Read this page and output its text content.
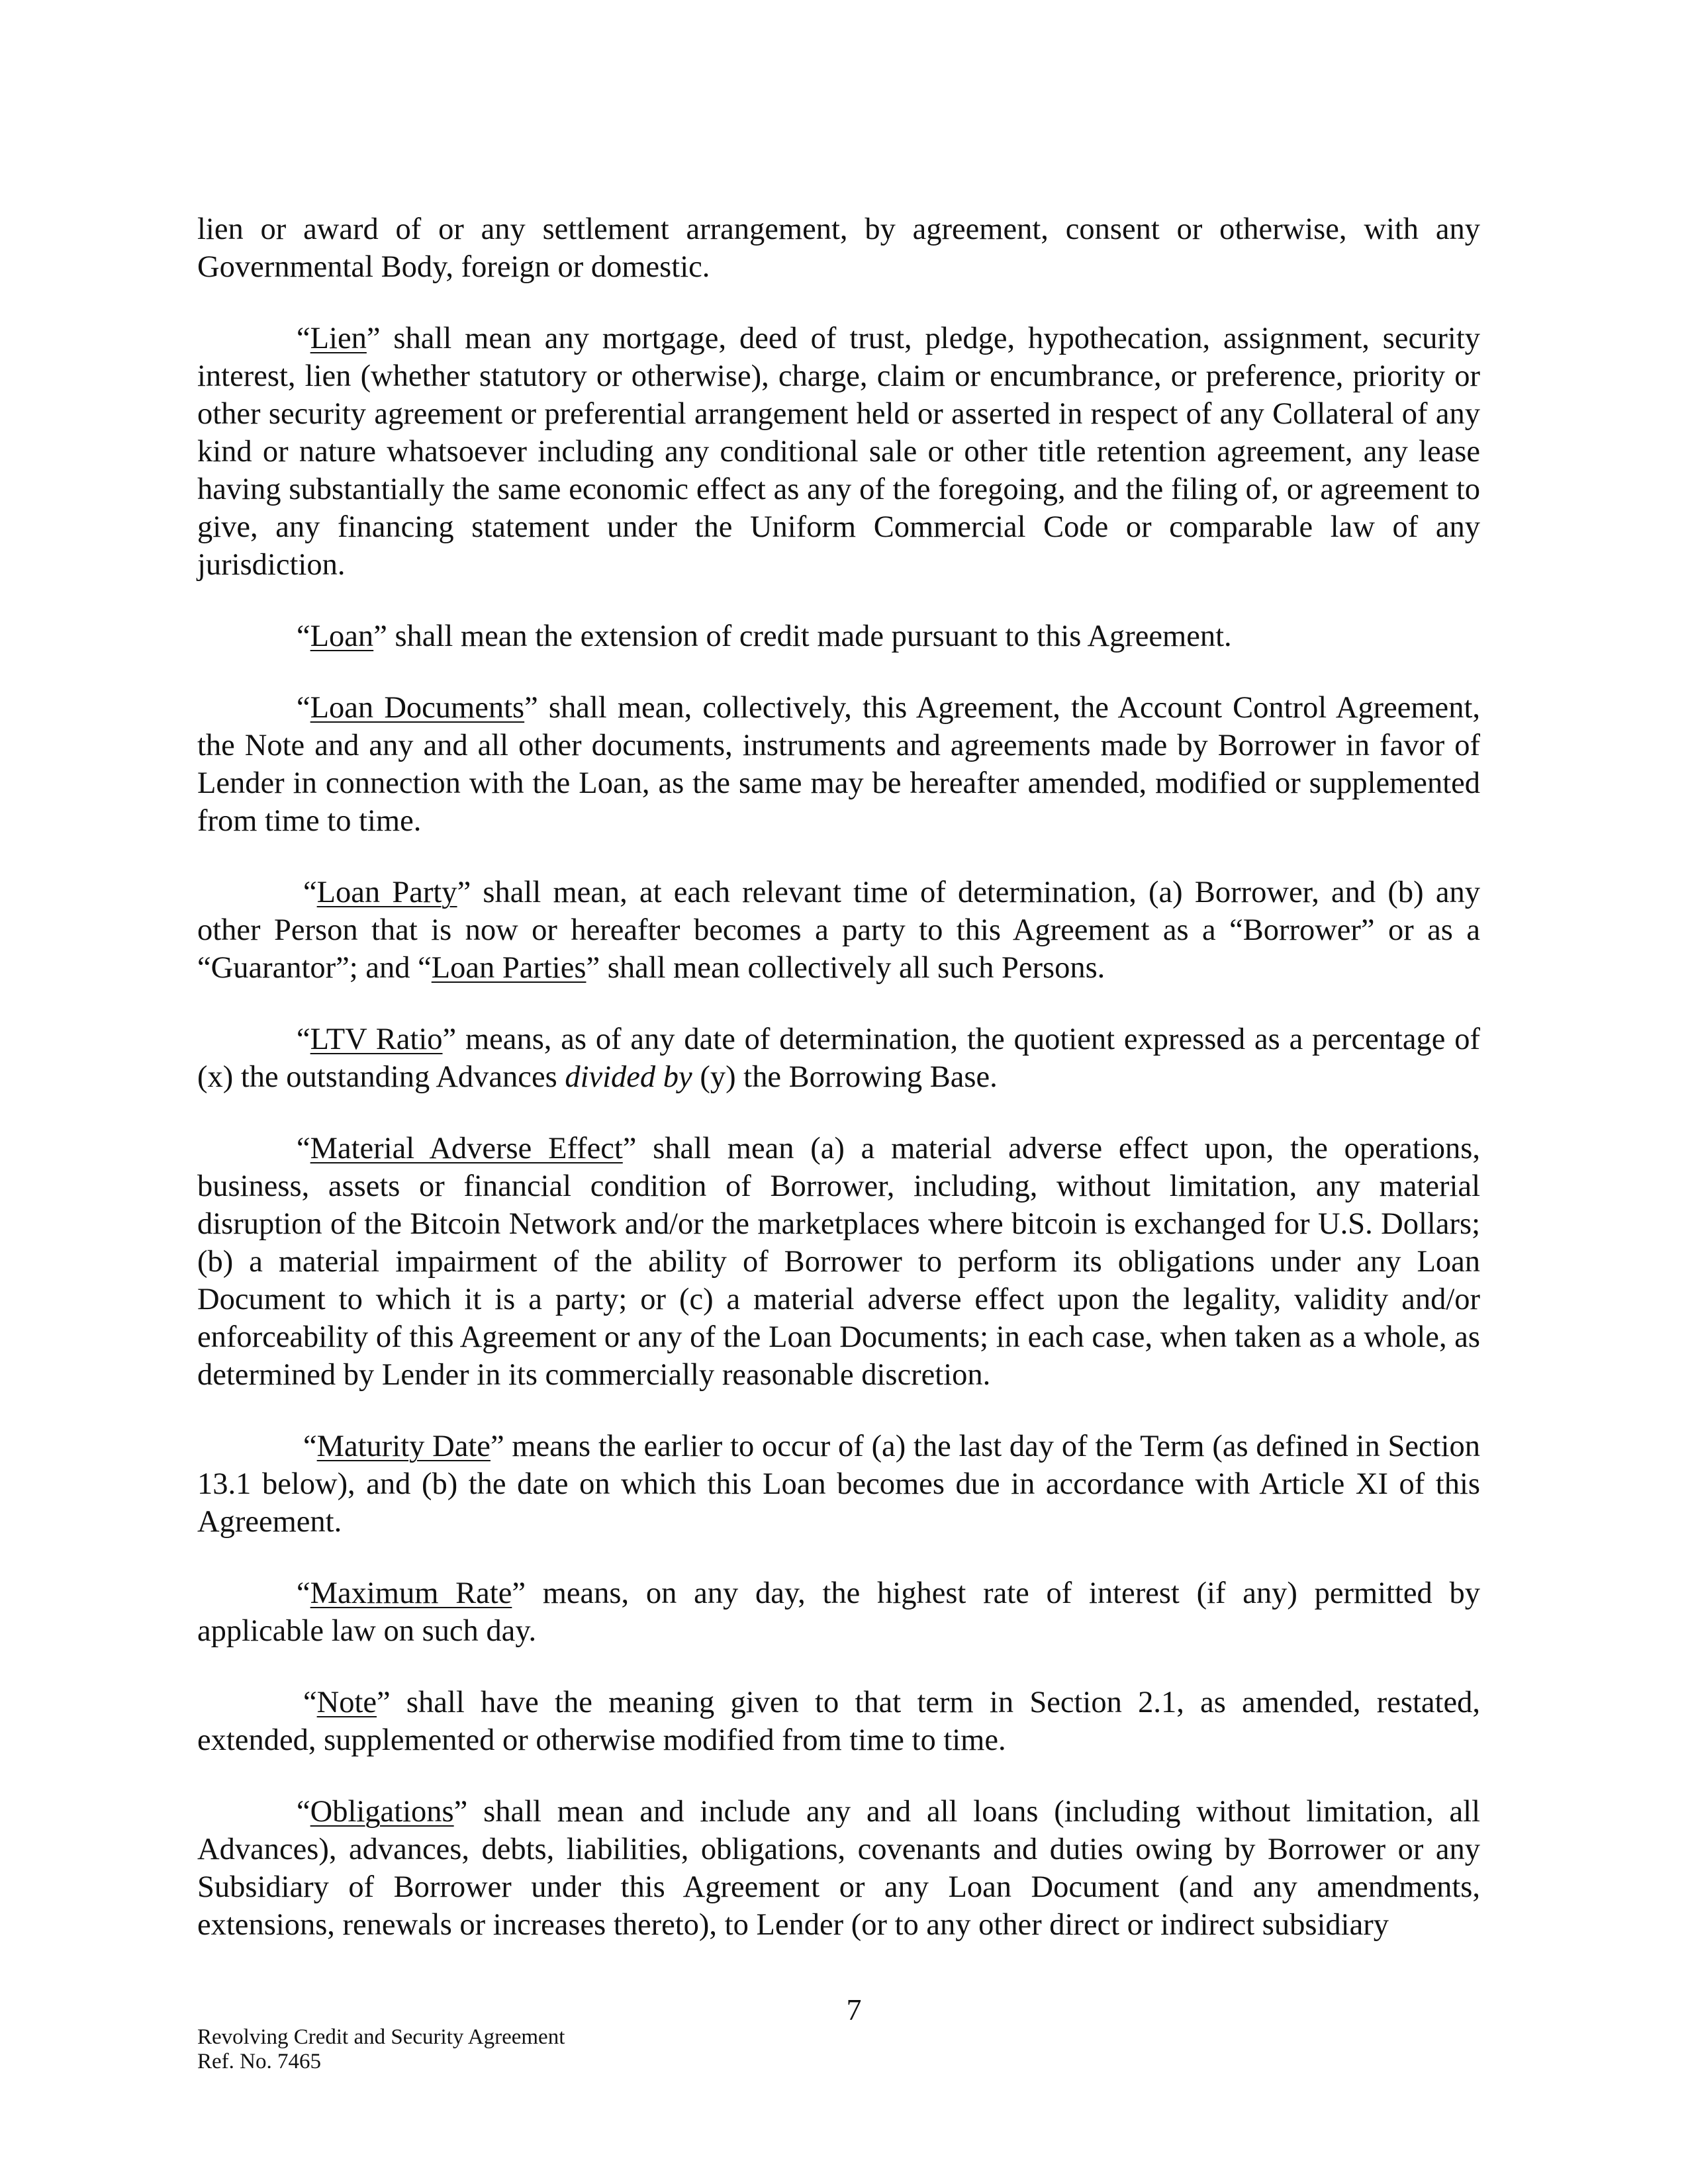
lien or award of or any settlement arrangement, by agreement, consent or otherwise, with any Governmental Body, foreign or domestic.

“Lien” shall mean any mortgage, deed of trust, pledge, hypothecation, assignment, security interest, lien (whether statutory or otherwise), charge, claim or encumbrance, or preference, priority or other security agreement or preferential arrangement held or asserted in respect of any Collateral of any kind or nature whatsoever including any conditional sale or other title retention agreement, any lease having substantially the same economic effect as any of the foregoing, and the filing of, or agreement to give, any financing statement under the Uniform Commercial Code or comparable law of any jurisdiction.

“Loan” shall mean the extension of credit made pursuant to this Agreement.

“Loan Documents” shall mean, collectively, this Agreement, the Account Control Agreement, the Note and any and all other documents, instruments and agreements made by Borrower in favor of Lender in connection with the Loan, as the same may be hereafter amended, modified or supplemented from time to time.

“Loan Party” shall mean, at each relevant time of determination, (a) Borrower, and (b) any other Person that is now or hereafter becomes a party to this Agreement as a “Borrower” or as a “Guarantor”; and “Loan Parties” shall mean collectively all such Persons.

“LTV Ratio” means, as of any date of determination, the quotient expressed as a percentage of (x) the outstanding Advances divided by (y) the Borrowing Base.

“Material Adverse Effect” shall mean (a) a material adverse effect upon, the operations, business, assets or financial condition of Borrower, including, without limitation, any material disruption of the Bitcoin Network and/or the marketplaces where bitcoin is exchanged for U.S. Dollars; (b) a material impairment of the ability of Borrower to perform its obligations under any Loan Document to which it is a party; or (c) a material adverse effect upon the legality, validity and/or enforceability of this Agreement or any of the Loan Documents; in each case, when taken as a whole, as determined by Lender in its commercially reasonable discretion.

“Maturity Date” means the earlier to occur of (a) the last day of the Term (as defined in Section 13.1 below), and (b) the date on which this Loan becomes due in accordance with Article XI of this Agreement.

“Maximum Rate” means, on any day, the highest rate of interest (if any) permitted by applicable law on such day.

“Note” shall have the meaning given to that term in Section 2.1, as amended, restated, extended, supplemented or otherwise modified from time to time.

“Obligations” shall mean and include any and all loans (including without limitation, all Advances), advances, debts, liabilities, obligations, covenants and duties owing by Borrower or any Subsidiary of Borrower under this Agreement or any Loan Document (and any amendments, extensions, renewals or increases thereto), to Lender (or to any other direct or indirect subsidiary

7
Revolving Credit and Security Agreement
Ref. No. 7465
